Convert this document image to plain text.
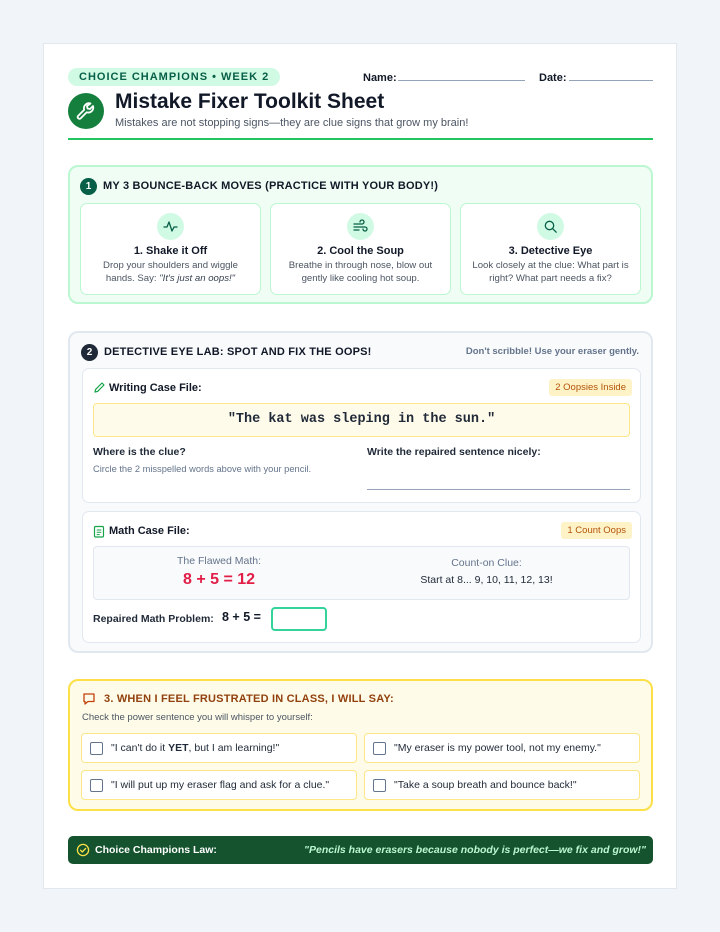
CHOICE CHAMPIONS • WEEK 2	Name:	Date:
Mistake Fixer Toolkit Sheet
Mistakes are not stopping signs—they are clue signs that grow my brain!
1	MY 3 BOUNCE-BACK MOVES (PRACTICE WITH YOUR BODY!)
1. Shake it Off
Drop your shoulders and wiggle
hands. Say: "It's just an oops!"
2. Cool the Soup
Breathe in through nose, blow out
gently like cooling hot soup.
3. Detective Eye
Look closely at the clue: What part is
right? What part needs a fix?
2	DETECTIVE EYE LAB: SPOT AND FIX THE OOPS!	Don't scribble! Use your eraser gently.
Writing Case File:	2 Oopsies Inside
"The kat was sleping in the sun."
Where is the clue?
Circle the 2 misspelled words above with your pencil.
Write the repaired sentence nicely:
Math Case File:	1 Count Oops
The Flawed Math:
8 + 5 = 12
Count-on Clue:
Start at 8... 9, 10, 11, 12, 13!
Repaired Math Problem: 8 + 5 =
3. WHEN I FEEL FRUSTRATED IN CLASS, I WILL SAY:
Check the power sentence you will whisper to yourself:
"I can't do it YET, but I am learning!"	"My eraser is my power tool, not my enemy."
"I will put up my eraser flag and ask for a clue."	"Take a soup breath and bounce back!"
Choice Champions Law:	"Pencils have erasers because nobody is perfect—we fix and grow!"
